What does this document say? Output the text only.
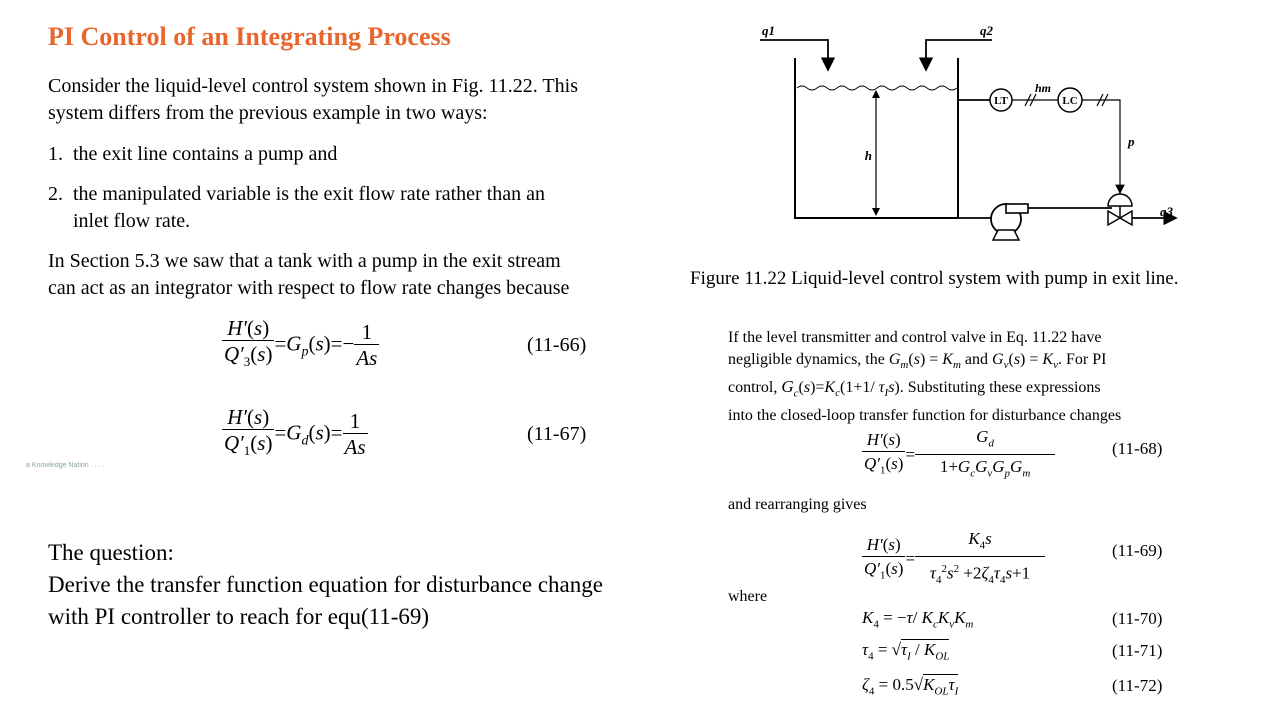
PI Control of an Integrating Process
Consider the liquid-level control system shown in Fig. 11.22. This
system differs from the previous example in two ways:
1. the exit line contains a pump and
2. the manipulated variable is the exit flow rate rather than an
inlet flow rate.
In Section 5.3 we saw that a tank with a pump in the exit stream
can act as an integrator with respect to flow rate changes because
$\frac{H'(s)}{Q'_3(s)} =G_p(s)=- \frac{1}{As}$	(11-66)
$\frac{H'(s)}{Q'_1(s)} =G_d(s)= \frac{1}{As}$	(11-67)
a Knowledge Nation . . . .
The question:
Derive the transfer function equation for disturbance change
with PI controller to reach for equ(11-69)
LT
hm
LC
p
q1	q2
q3
h
Figure 11.22 Liquid-level control system with pump in exit line.
If the level transmitter and control valve in Eq. 11.22 have
negligible dynamics, the $G_m(s) = K_m$ and $G_v(s) = K_v$. For PI
control, $G_c(s)=K_c(1+1/$ $\tau_Is$). Substituting these expressions
into the closed-loop transfer function for disturbance changes
$\frac{H'(s)}{Q'_1(s)} = \frac{G_d}{1+G_cG_vG_pG_m}$	(11-68)
and rearranging gives
$\frac{H'(s)}{Q'_1(s)} = \frac{K_4s}{\tau_4^2s^2 +2\zeta_4\tau_4s+1}$	(11-69)
where
$K_4 = -\tau/$ $K_cK_vK_m$	(11-70)
$\tau_4 = √\tau_I / K_{OL}$	(11-71)
$\zeta_4 = 0.5√K_{OL}\tau_I$	(11-72)
